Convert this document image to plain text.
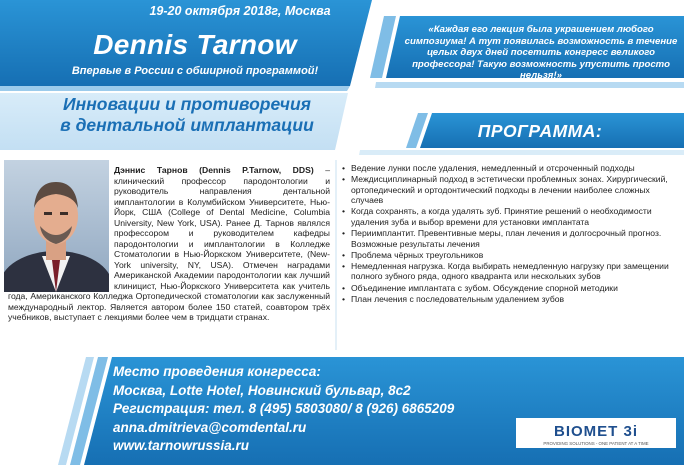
19-20 октября 2018г, Москва
Dennis Tarnow
Впервые в России с обширной программой!
«Каждая его лекция была украшением любого симпозиума! А тут появилась возможность в течение целых двух дней посетить конгресс великого профессора! Такую возможность упустить просто нельзя!»
Инновации и противоречия
в дентальной имплантации	ПРОГРАММА:
Дэннис Тарнов (Dennis P.Tarnow, DDS) – клинический профессор пародонтологии и руководитель направления дентальной имплантологии в Колумбийском Университете, Нью-Йорк, США (College of Dental Medicine, Columbia University, New York, USA). Ранее Д. Тарнов являлся профессором и руководителем кафедры пародонтологии и имплантологии в Колледже Стоматологии в Нью-Йоркском Университете, (New-York university, NY, USA). Отмечен наградами Американской Академии пародонтологии как лучший клиницист, Нью-Йоркского Университета как учитель года, Американского Колледжа Ортопедической стоматологии как заслуженный международный лектор. Является автором более 150 статей, соавтором трёх учебников, выступает с лекциями более чем в тридцати странах.
• Ведение лунки после удаления, немедленный и отсроченный подходы
• Междисциплинарный подход в эстетически проблемных зонах. Хирургический, ортопедический и ортодонтический подходы в лечении наиболее сложных случаев
• Когда сохранять, а когда удалять зуб. Принятие решений о необходимости удаления зуба и выбор времени для установки имплантата
• Периимплантит. Превентивные меры, план лечения и долгосрочный прогноз. Возможные результаты лечения
• Проблема чёрных треугольников
• Немедленная нагрузка. Когда выбирать немедленную нагрузку при замещении полного зубного ряда, одного квадранта или нескольких зубов
• Объединение имплантата с зубом. Обсуждение спорной методики
• План лечения с последовательным удалением зубов
Место проведения конгресса:
Москва, Lotte Hotel, Новинский бульвар, 8с2
Регистрация: тел. 8 (495) 5803080/ 8 (926) 6865209
anna.dmitrieva@comdental.ru
www.tarnowrussia.ru
BIOMET 3i
PROVIDING SOLUTIONS - ONE PATIENT AT A TIME
